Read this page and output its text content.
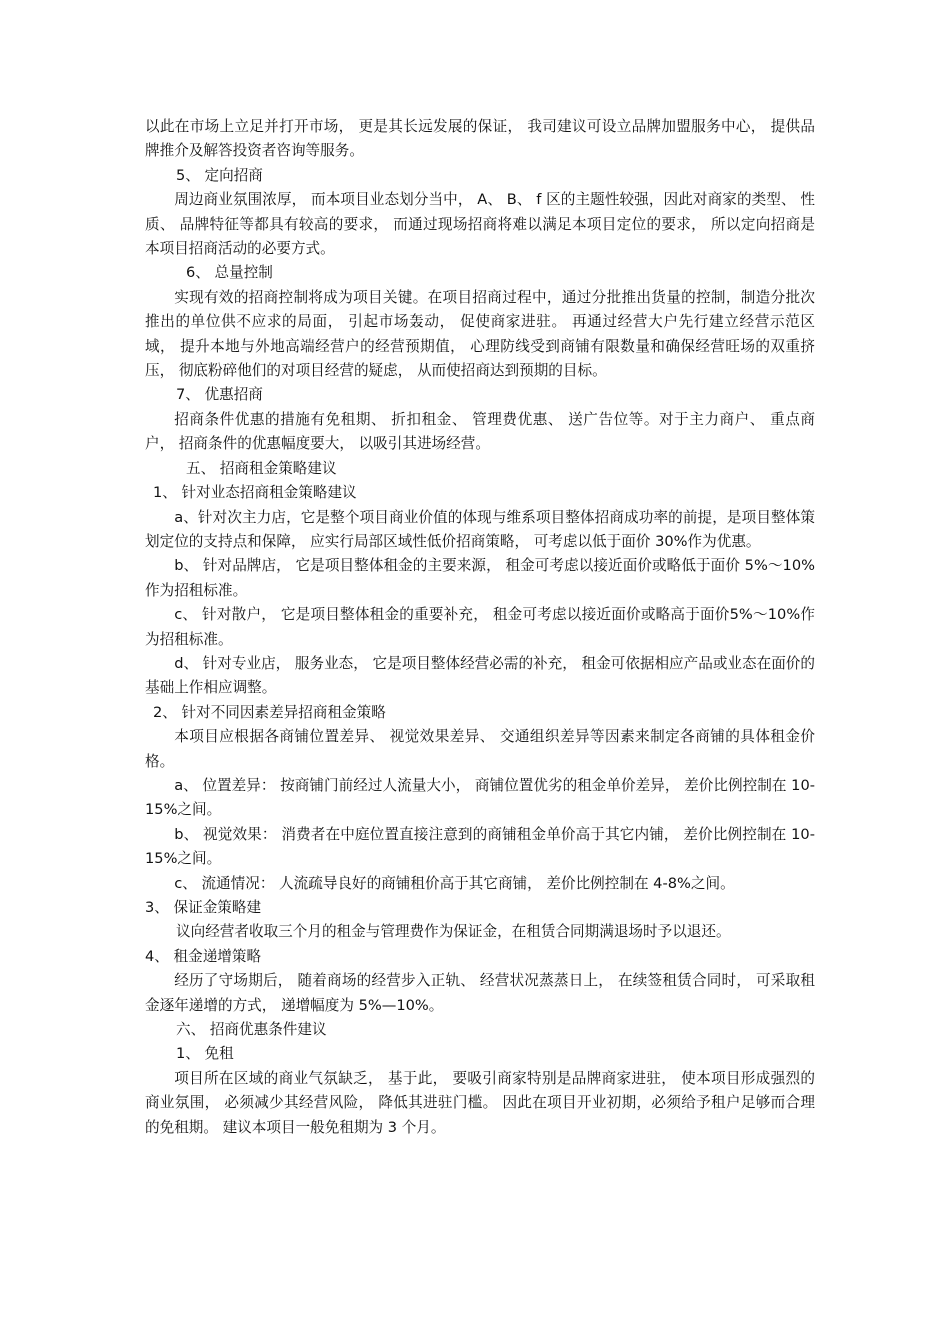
以此在市场上立足并打开市场， 更是其长远发展的保证， 我司建议可设立品牌加盟服务中心， 提供品牌推介及解答投资者咨询等服务。

5、 定向招商

周边商业氛围浓厚， 而本项目业态划分当中， A、 B、 f 区的主题性较强，因此对商家的类型、 性质、 品牌特征等都具有较高的要求， 而通过现场招商将难以满足本项目定位的要求， 所以定向招商是本项目招商活动的必要方式。

6、 总量控制

实现有效的招商控制将成为项目关键。在项目招商过程中，通过分批推出货量的控制，制造分批次推出的单位供不应求的局面， 引起市场轰动， 促使商家进驻。 再通过经营大户先行建立经营示范区域， 提升本地与外地高端经营户的经营预期值， 心理防线受到商铺有限数量和确保经营旺场的双重挤压， 彻底粉碎他们的对项目经营的疑虑， 从而使招商达到预期的目标。

7、 优惠招商

招商条件优惠的措施有免租期、 折扣租金、 管理费优惠、 送广告位等。对于主力商户、 重点商户， 招商条件的优惠幅度要大， 以吸引其进场经营。

五、 招商租金策略建议

1、 针对业态招商租金策略建议

a、针对次主力店，它是整个项目商业价值的体现与维系项目整体招商成功率的前提，是项目整体策划定位的支持点和保障， 应实行局部区域性低价招商策略， 可考虑以低于面价 30%作为优惠。

b、 针对品牌店， 它是项目整体租金的主要来源， 租金可考虑以接近面价或略低于面价 5%～10%作为招租标准。

c、 针对散户， 它是项目整体租金的重要补充， 租金可考虑以接近面价或略高于面价5%～10%作为招租标准。

d、 针对专业店， 服务业态， 它是项目整体经营必需的补充， 租金可依据相应产品或业态在面价的基础上作相应调整。

2、 针对不同因素差异招商租金策略

本项目应根据各商铺位置差异、 视觉效果差异、 交通组织差异等因素来制定各商铺的具体租金价格。

a、 位置差异： 按商铺门前经过人流量大小， 商铺位置优劣的租金单价差异， 差价比例控制在 10-15%之间。

b、 视觉效果： 消费者在中庭位置直接注意到的商铺租金单价高于其它内铺， 差价比例控制在 10-15%之间。

c、 流通情况： 人流疏导良好的商铺租价高于其它商铺， 差价比例控制在 4-8%之间。

3、 保证金策略建

议向经营者收取三个月的租金与管理费作为保证金，在租赁合同期满退场时予以退还。

4、 租金递增策略

经历了守场期后， 随着商场的经营步入正轨、 经营状况蒸蒸日上， 在续签租赁合同时， 可采取租金逐年递增的方式， 递增幅度为 5%—10%。

六、 招商优惠条件建议

1、 免租

项目所在区域的商业气氛缺乏， 基于此， 要吸引商家特别是品牌商家进驻， 使本项目形成强烈的商业氛围， 必须减少其经营风险， 降低其进驻门槛。 因此在项目开业初期，必须给予租户足够而合理的免租期。 建议本项目一般免租期为 3 个月。
